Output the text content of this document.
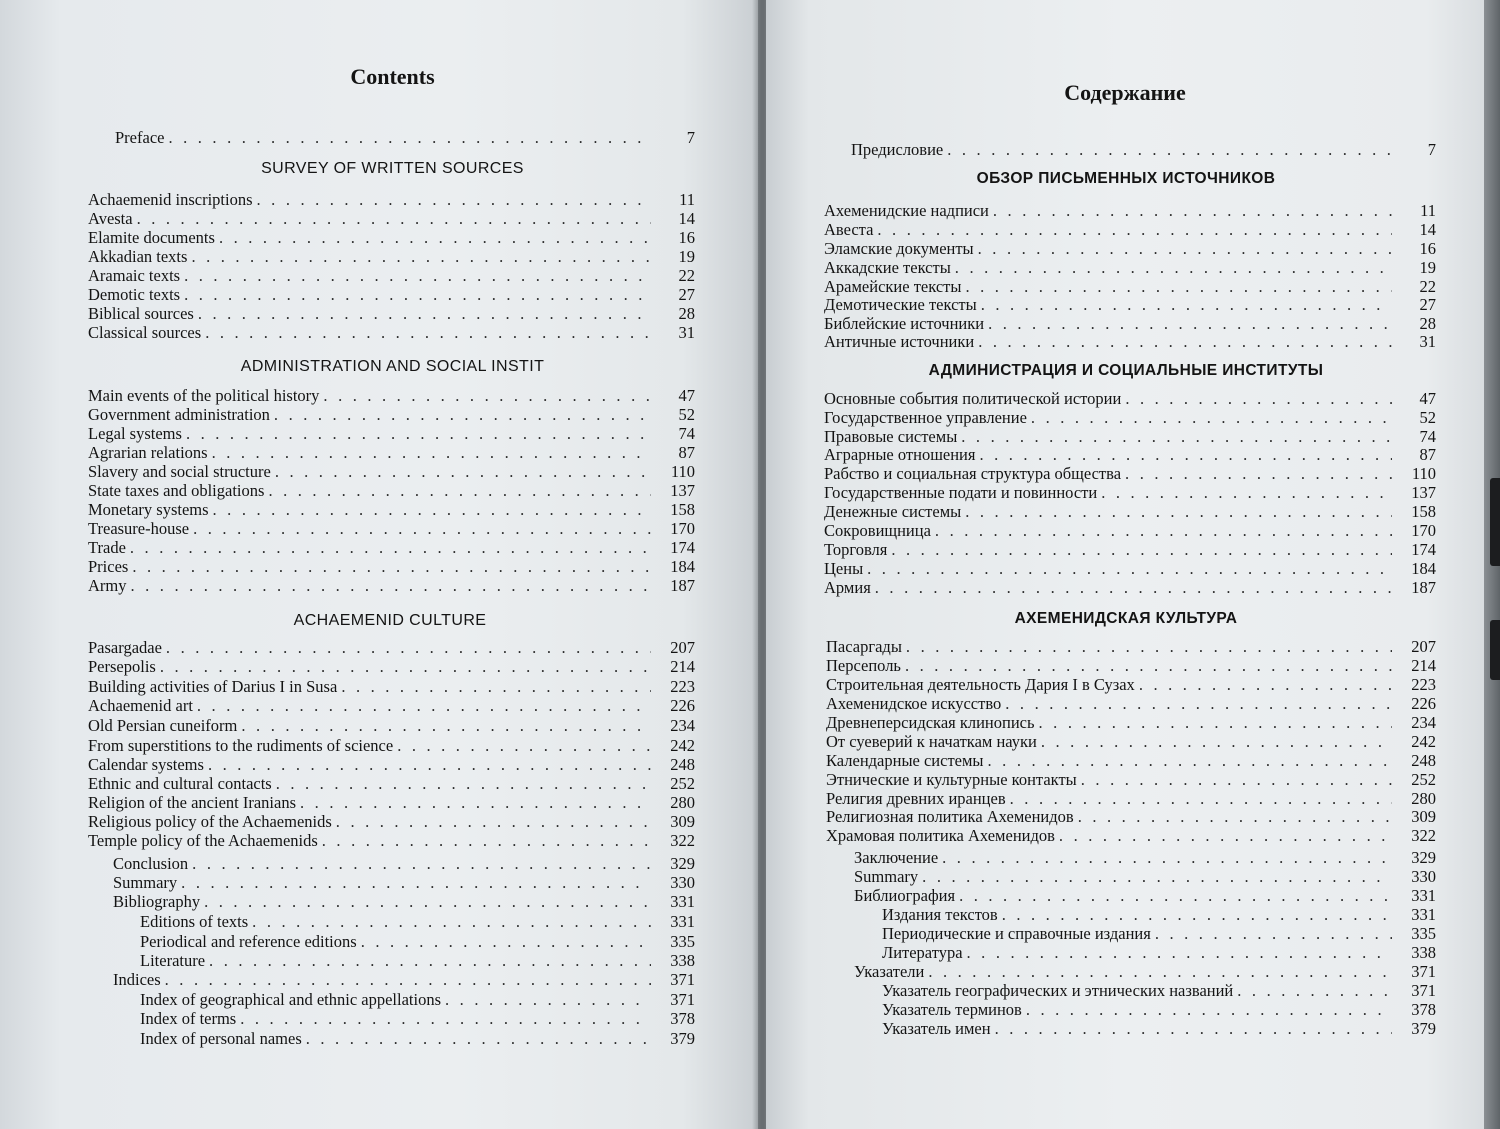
Contents
Preface . . .	7
SURVEY OF WRITTEN SOURCES
Achaemenid inscriptions . . .	11
Avesta . . .	14
Elamite documents . . .	16
Akkadian texts . . .	19
Aramaic texts . . .	22
Demotic texts . . .	27
Biblical sources . . .	28
Classical sources . . .	31
ADMINISTRATION AND SOCIAL INSTIT
Main events of the political history . . .	47
Government administration . . .	52
Legal systems . . .	74
Agrarian relations . . .	87
Slavery and social structure . . .	110
State taxes and obligations . . .	137
Monetary systems . . .	158
Treasure-house . . .	170
Trade . . .	174
Prices . . .	184
Army . . .	187
ACHAEMENID CULTURE
Pasargadae . . .	207
Persepolis . . .	214
Building activities of Darius I in Susa . . .	223
Achaemenid art . . .	226
Old Persian cuneiform . . .	234
From superstitions to the rudiments of science . . .	242
Calendar systems . . .	248
Ethnic and cultural contacts . . .	252
Religion of the ancient Iranians . . .	280
Religious policy of the Achaemenids . . .	309
Temple policy of the Achaemenids . . .	322
Conclusion . . .	329
Summary . . .	330
Bibliography . . .	331
Editions of texts . . .	331
Periodical and reference editions . . .	335
Literature . . .	338
Indices . . .	371
Index of geographical and ethnic appellations . . .	371
Index of terms . . .	378
Index of personal names . . .	379
Содержание
Предисловие . . .	7
ОБЗОР ПИСЬМЕННЫХ ИСТОЧНИКОВ
Ахеменидские надписи . . .	11
Авеста . . .	14
Эламские документы . . .	16
Аккадские тексты . . .	19
Арамейские тексты . . .	22
Демотические тексты . . .	27
Библейские источники . . .	28
Античные источники . . .	31
АДМИНИСТРАЦИЯ И СОЦИАЛЬНЫЕ ИНСТИТУТЫ
Основные события политической истории . . .	47
Государственное управление . . .	52
Правовые системы . . .	74
Аграрные отношения . . .	87
Рабство и социальная структура общества . . .	110
Государственные подати и повинности . . .	137
Денежные системы . . .	158
Сокровищница . . .	170
Торговля . . .	174
Цены . . .	184
Армия . . .	187
АХЕМЕНИДСКАЯ КУЛЬТУРА
Пасаргады . . .	207
Персеполь . . .	214
Строительная деятельность Дария I в Сузах . . .	223
Ахеменидское искусство . . .	226
Древнеперсидская клинопись . . .	234
От суеверий к начаткам науки . . .	242
Календарные системы . . .	248
Этнические и культурные контакты . . .	252
Религия древних иранцев . . .	280
Религиозная политика Ахеменидов . . .	309
Храмовая политика Ахеменидов . . .	322
Заключение . . .	329
Summary . . .	330
Библиография . . .	331
Издания текстов . . .	331
Периодические и справочные издания . . .	335
Литература . . .	338
Указатели . . .	371
Указатель географических и этнических названий . . .	371
Указатель терминов . . .	378
Указатель имен . . .	379
